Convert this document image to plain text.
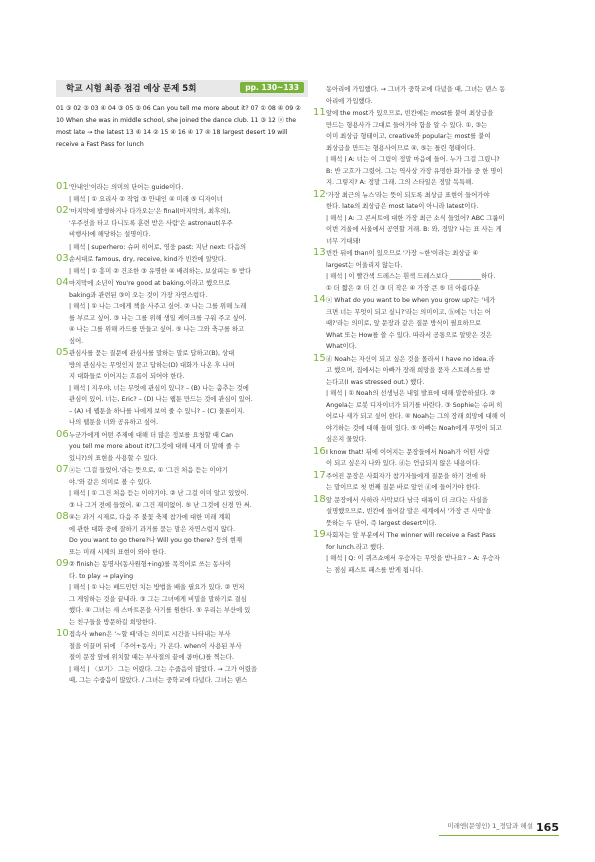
학교 시험 최종 점검 예상 문제 5회	pp. 130~133
01 ③ 02 ③ 03 ④ 04 ③ 05 ③ 06 Can you tell me more about it? 07 ① 08 ④ 09 ② 10 When she was in middle school, she joined the dance club. 11 ③ 12 ⓐ the most late → the latest 13 ④ 14 ② 15 ④ 16 ④ 17 ④ 18 largest desert 19 will receive a Fast Pass for lunch
01 '안내인'이라는 의미의 단어는 guide이다.
| 해석 | ① 요리사 ② 작업 ③ 안내인 ④ 미래 ⑤ 디자이너
02 '마지막에 발생하거나 다가오는'은 final(마지막의, 최후의),
'우주선을 타고 다니도록 훈련 받은 사람'은 astronaut(우주
비행사)에 해당하는 설명이다.
| 해석 | superhero: 슈퍼 히어로, 영웅 past: 지난 next: 다음의
03 순서대로 famous, dry, receive, kind가 빈칸에 알맞다.
| 해석 | ① 흥미 ② 건조한 ③ 유명한 ④ 배려하는, 보살피는 ⑤ 받다
04 마지막에 소년이 You're good at baking.이라고 했으므로
baking과 관련된 ③이 오는 것이 가장 자연스럽다.
| 해석 | ① 나는 그에게 책을 사주고 싶어. ② 나는 그를 위해 노래
를 부르고 싶어. ③ 나는 그를 위해 생일 케이크를 구워 주고 싶어.
④ 나는 그를 위해 카드를 만들고 싶어. ⑤ 나는 그와 축구를 하고
싶어.
05 관심사를 묻는 질문에 관심사를 말하는 말로 답하고(B), 상대
방의 관심사는 무엇인지 묻고 답하는(D) 대화가 나온 후 나머
지 대화들로 이어지는 흐름이 되어야 한다.
| 해석 | 지우야, 너는 무엇에 관심이 있니? – (B) 나는 춤추는 것에
관심이 있어. 너는, Eric? – (D) 나는 웹툰 만드는 것에 관심이 있어.
– (A) 네 웹툰을 하나를 나에게 보여 줄 수 있니? – (C) 물론이지.
나의 웹툰을 너와 공유하고 싶어.
06 누군가에게 어떤 주제에 대해 더 많은 정보를 요청할 때 Can
you tell me more about it?(그것에 대해 내게 더 말해 줄 수
있니?)의 표현을 사용할 수 있다.
07 ⓐ는 '그걸 들었어.'라는 뜻으로, ① '그건 처음 듣는 이야기
야.'와 같은 의미로 볼 수 있다.
| 해석 | ① 그건 처음 듣는 이야기야. ② 난 그걸 이미 알고 있었어.
③ 나 그거 전에 들었어. ④ 그건 재미없어. ⑤ 난 그것에 신경 안 써.
08 ④는 과거 시제로, 다음 주 불꽃 축제 참가에 대한 미래 계획
에 관한 대화 중에 잘하기 과거를 묻는 말은 자연스럽지 않다.
Do you want to go there?나 Will you go there? 등의 현재
또는 미래 시제의 표현이 와야 한다.
09 ② finish는 동명사(동사원형+ing)를 목적어로 쓰는 동사이
다. to play → playing
| 해석 | ① 나는 배드민턴 치는 방법을 배울 필요가 있다. ② 먼저
그 게임하는 것을 끝내라. ③ 그는 그녀에게 비밀을 말하기로 결심
했다. ④ 그녀는 새 스마트폰을 사기를 원한다. ⑤ 우리는 부산에 있
는 친구들을 방문하길 희망한다.
10 접속사 when은 '~할 때'라는 의미로 시간을 나타내는 부사
절을 이끌며 뒤에 「주어+동사」가 온다. when이 사용된 부사
절이 문장 앞에 위치할 때는 부사절의 끝에 콤마(,)를 찍는다.
| 해석 | 〈보기〉 그는 어렸다. 그는 수줍음이 많았다. → 그가 어렸을
때, 그는 수줍음이 많았다. / 그녀는 중학교에 다녔다. 그녀는 댄스
동아리에 가입했다. → 그녀가 중학교에 다녔을 때, 그녀는 댄스 동
아리에 가입했다.
11 앞에 the most가 있으므로, 빈칸에는 most를 붙여 최상급을
만드는 형용사가 그대로 들어가야 함을 알 수 있다. ①, ③는
이미 최상급 형태이고, creative와 popular는 most를 붙여
최상급을 만드는 형용사이므로 ④, ⑤는 틀린 형태이다.
| 해석 | A: 너는 이 그림이 정말 마음에 들어. 누가 그걸 그렸니?
B: 반 고흐가 그렸어. 그는 역사상 가장 유명한 화가들 중 한 명이
지. 그렇지? A: 정말 그래. 그의 스타일은 정말 독특해.
12 '가장 최근의 뉴스'라는 뜻이 되도록 최상급 표현이 들어가야
한다. late의 최상급은 most late이 아니라 latest이다.
| 해석 | A: 그 콘서트에 대한 가장 최근 소식 들었어? ABC 그룹이
이번 겨울에 서울에서 공연할 거래. B: 와, 정말? 나는 표 사는 게
너무 기대돼!
13 빈칸 뒤에 than이 있으므로 '가장 ~한'이라는 최상급 ④
largest는 어울리지 않는다.
| 해석 | 이 빨간색 드레스는 흰색 드레스보다 __________하다.
① 더 짧은 ② 더 긴 ③ 더 작은 ④ 가장 큰 ⑤ 더 아름다운
14 ⓐ What do you want to be when you grow up?는 '네가
크면 너는 무엇이 되고 싶니?'라는 의미이고, ⓑ에는 '너는 어
때?'라는 의미로, 앞 문장과 같은 질문 방식이 필요하므로
What 또는 How를 쓸 수 있다. 따라서 공통으로 알맞은 것은
What이다.
15 ⓓ Noah는 자신이 되고 싶은 것을 몰라서 I have no idea.라
고 했으며, 집에서는 아빠가 장래 희망을 묻자 스트레스를 받
는다고(I was stressed out.) 했다.
| 해석 | ① Noah의 선생님은 내일 발표에 대해 말씀하셨다. ②
Angela는 로봇 디자이너가 되기를 바란다. ③ Sophie는 슈퍼 히
어로나 새가 되고 싶어 한다. ④ Noah는 그의 장래 희망에 대해 이
야기하는 것에 대해 들떠 있다. ⑤ 아빠는 Noah에게 무엇이 되고
싶은지 물었다.
16 I know that! 뒤에 이어지는 문장들에서 Noah가 어떤 사람
이 되고 싶은지 나와 있다. ⓓ는 언급되지 않은 내용이다.
17 주어진 문장은 사회자가 참가자들에게 질문을 하기 전에 하
는 말이므로 첫 번째 질문 바로 앞인 ⓓ에 들어가야 한다.
18 앞 문장에서 사하라 사막보다 남극 대륙이 더 크다는 사실을
설명했으므로, 빈칸에 들어갈 말은 세계에서 '가장 큰 사막'을
뜻하는 두 단어, 즉 largest desert이다.
19 사회자는 앞 부분에서 The winner will receive a Fast Pass
for lunch.라고 했다.
| 해석 | Q: 이 퀴즈쇼에서 우승자는 무엇을 받나요? – A: 우승자
는 점심 패스트 패스를 받게 됩니다.
미래엔(문영인) 1_정답과 해설 165
